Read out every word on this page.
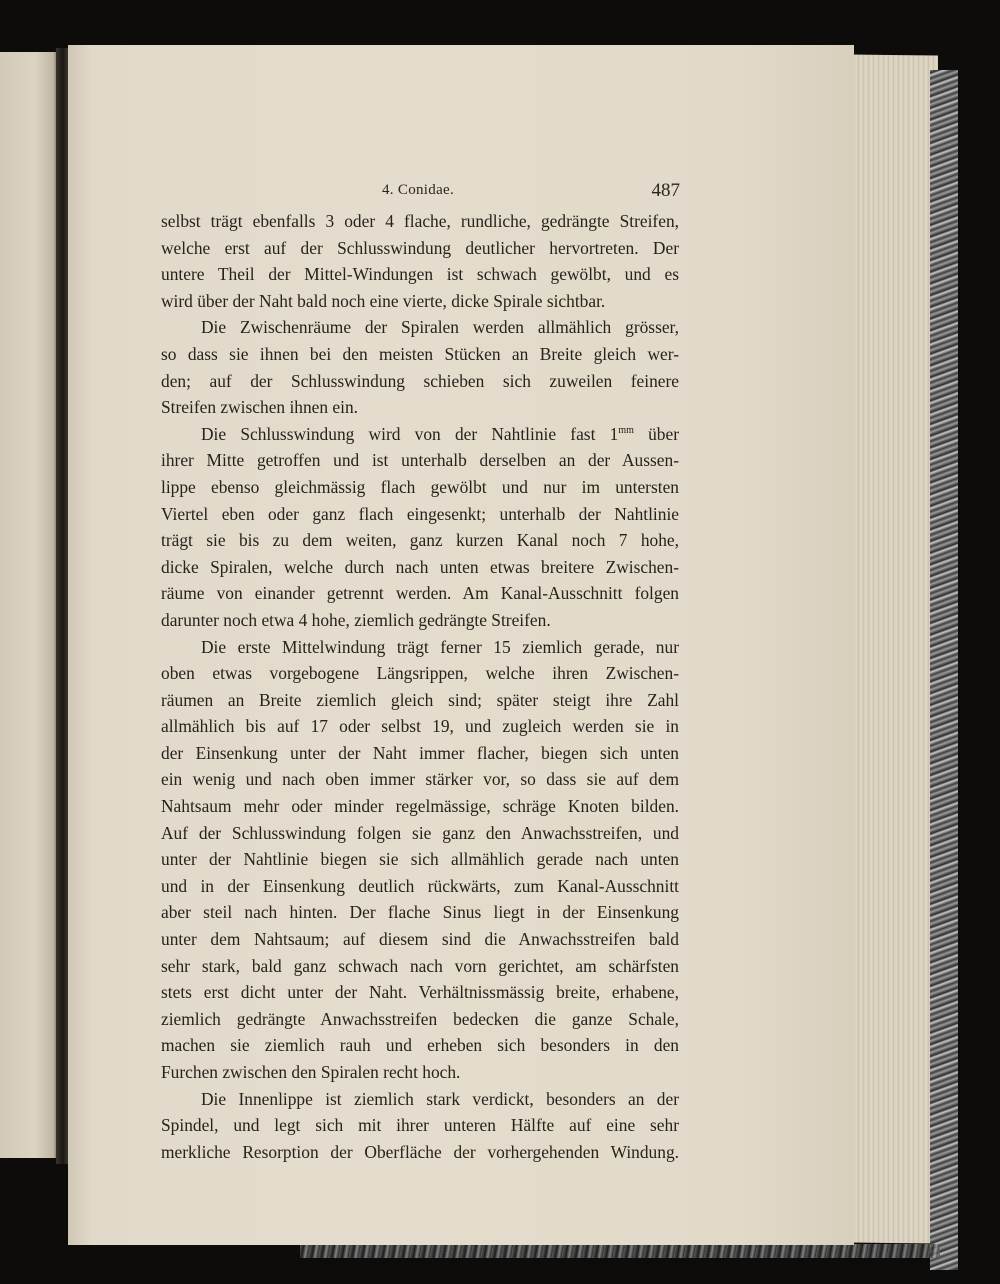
4. Conidae.	487
selbst trägt ebenfalls 3 oder 4 flache, rundliche, gedrängte Streifen,
welche erst auf der Schlusswindung deutlicher hervortreten. Der
untere Theil der Mittel-Windungen ist schwach gewölbt, und es
wird über der Naht bald noch eine vierte, dicke Spirale sichtbar.
Die Zwischenräume der Spiralen werden allmählich grösser,
so dass sie ihnen bei den meisten Stücken an Breite gleich wer-
den; auf der Schlusswindung schieben sich zuweilen feinere
Streifen zwischen ihnen ein.
Die Schlusswindung wird von der Nahtlinie fast $1^{mm}$ über
ihrer Mitte getroffen und ist unterhalb derselben an der Aussen-
lippe ebenso gleichmässig flach gewölbt und nur im untersten
Viertel eben oder ganz flach eingesenkt; unterhalb der Nahtlinie
trägt sie bis zu dem weiten, ganz kurzen Kanal noch 7 hohe,
dicke Spiralen, welche durch nach unten etwas breitere Zwischen-
räume von einander getrennt werden. Am Kanal-Ausschnitt folgen
darunter noch etwa 4 hohe, ziemlich gedrängte Streifen.
Die erste Mittelwindung trägt ferner 15 ziemlich gerade, nur
oben etwas vorgebogene Längsrippen, welche ihren Zwischen-
räumen an Breite ziemlich gleich sind; später steigt ihre Zahl
allmählich bis auf 17 oder selbst 19, und zugleich werden sie in
der Einsenkung unter der Naht immer flacher, biegen sich unten
ein wenig und nach oben immer stärker vor, so dass sie auf dem
Nahtsaum mehr oder minder regelmässige, schräge Knoten bilden.
Auf der Schlusswindung folgen sie ganz den Anwachsstreifen, und
unter der Nahtlinie biegen sie sich allmählich gerade nach unten
und in der Einsenkung deutlich rückwärts, zum Kanal-Ausschnitt
aber steil nach hinten. Der flache Sinus liegt in der Einsenkung
unter dem Nahtsaum; auf diesem sind die Anwachsstreifen bald
sehr stark, bald ganz schwach nach vorn gerichtet, am schärfsten
stets erst dicht unter der Naht. Verhältnissmässig breite, erhabene,
ziemlich gedrängte Anwachsstreifen bedecken die ganze Schale,
machen sie ziemlich rauh und erheben sich besonders in den
Furchen zwischen den Spiralen recht hoch.
Die Innenlippe ist ziemlich stark verdickt, besonders an der
Spindel, und legt sich mit ihrer unteren Hälfte auf eine sehr
merkliche Resorption der Oberfläche der vorhergehenden Windung.
